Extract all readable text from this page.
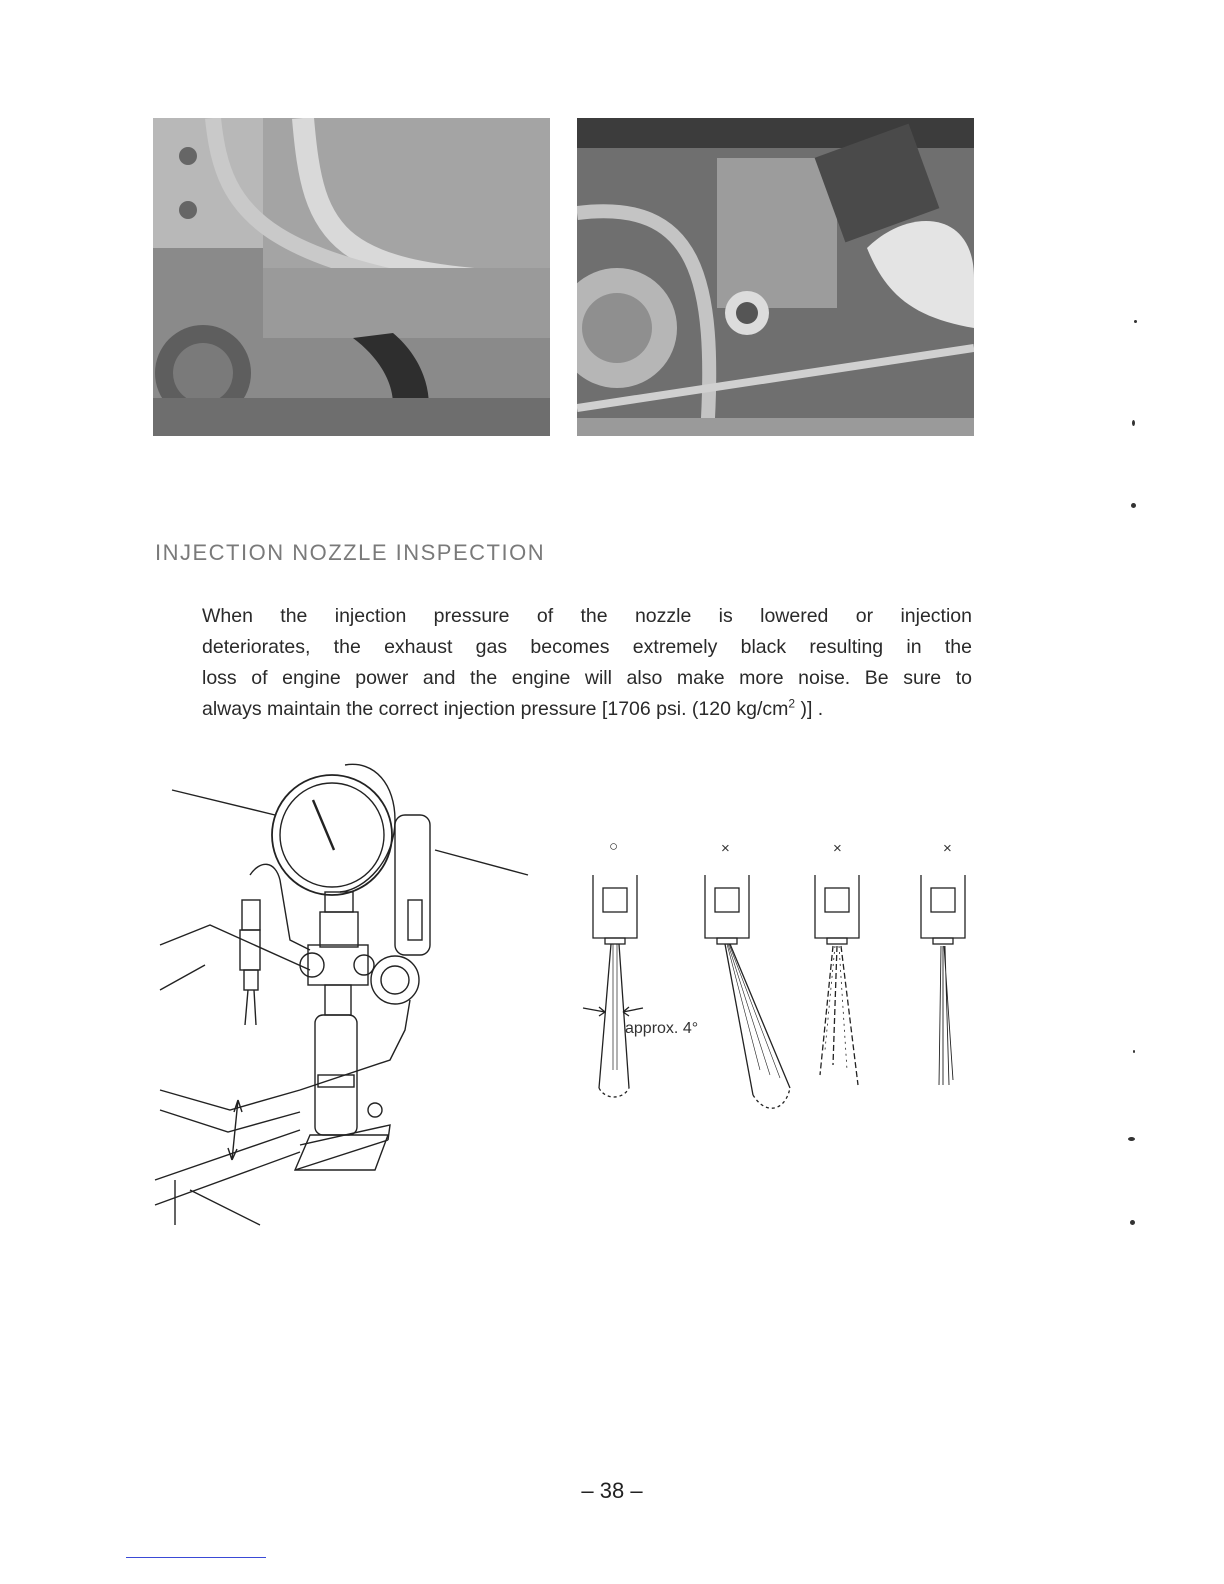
INJECTION NOZZLE INSPECTION
When the injection pressure of the nozzle is lowered or injection
deteriorates, the exhaust gas becomes extremely black resulting in the
loss of engine power and the engine will also make more noise. Be sure to
always maintain the correct injection pressure [1706 psi. (120 $kg/cm^2$ )] .
○	×	×	×
approx. 4°
– 38 –
